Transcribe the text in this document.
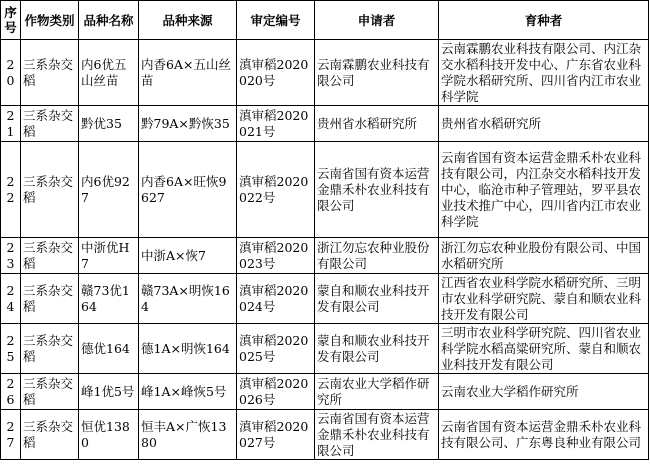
序号	作物类别	品种名称	品种来源	审定编号	申请者	育种者
20	三系杂交稻	内6优五山丝苗	内香6A×五山丝苗	滇审稻2020020号	云南霖鹏农业科技有限公司	云南霖鹏农业科技有限公司、内江杂交水稻科技开发中心、广东省农业科学院水稻研究所、四川省内江市农业科学院
21	三系杂交稻	黔优35	黔79A×黔恢35	滇审稻2020021号	贵州省水稻研究所	贵州省水稻研究所
22	三系杂交稻	内6优927	内香6A×旺恢9627	滇审稻2020022号	云南省国有资本运营金鼎禾朴农业科技有限公司	云南省国有资本运营金鼎禾朴农业科技有限公司，内江杂交水稻科技开发中心，临沧市种子管理站，罗平县农业技术推广中心，四川省内江市农业科学院
23	三系杂交稻	中浙优H7	中浙A×恢7	滇审稻2020023号	浙江勿忘农种业股份有限公司	浙江勿忘农种业股份有限公司、中国水稻研究所
24	三系杂交稻	赣73优164	赣73A×明恢164	滇审稻2020024号	蒙自和顺农业科技开发有限公司	江西省农业科学院水稻研究所、三明市农业科学研究院、蒙自和顺农业科技开发有限公司
25	三系杂交稻	德优164	德1A×明恢164	滇审稻2020025号	蒙自和顺农业科技开发有限公司	三明市农业科学研究院、四川省农业科学院水稻高粱研究所、蒙自和顺农业科技开发有限公司
26	三系杂交稻	峰1优5号	峰1A×峰恢5号	滇审稻2020026号	云南农业大学稻作研究所	云南农业大学稻作研究所
27	三系杂交稻	恒优1380	恒丰A×广恢1380	滇审稻2020027号	云南省国有资本运营金鼎禾朴农业科技有限公司	云南省国有资本运营金鼎禾朴农业科技有限公司、广东粤良种业有限公司
